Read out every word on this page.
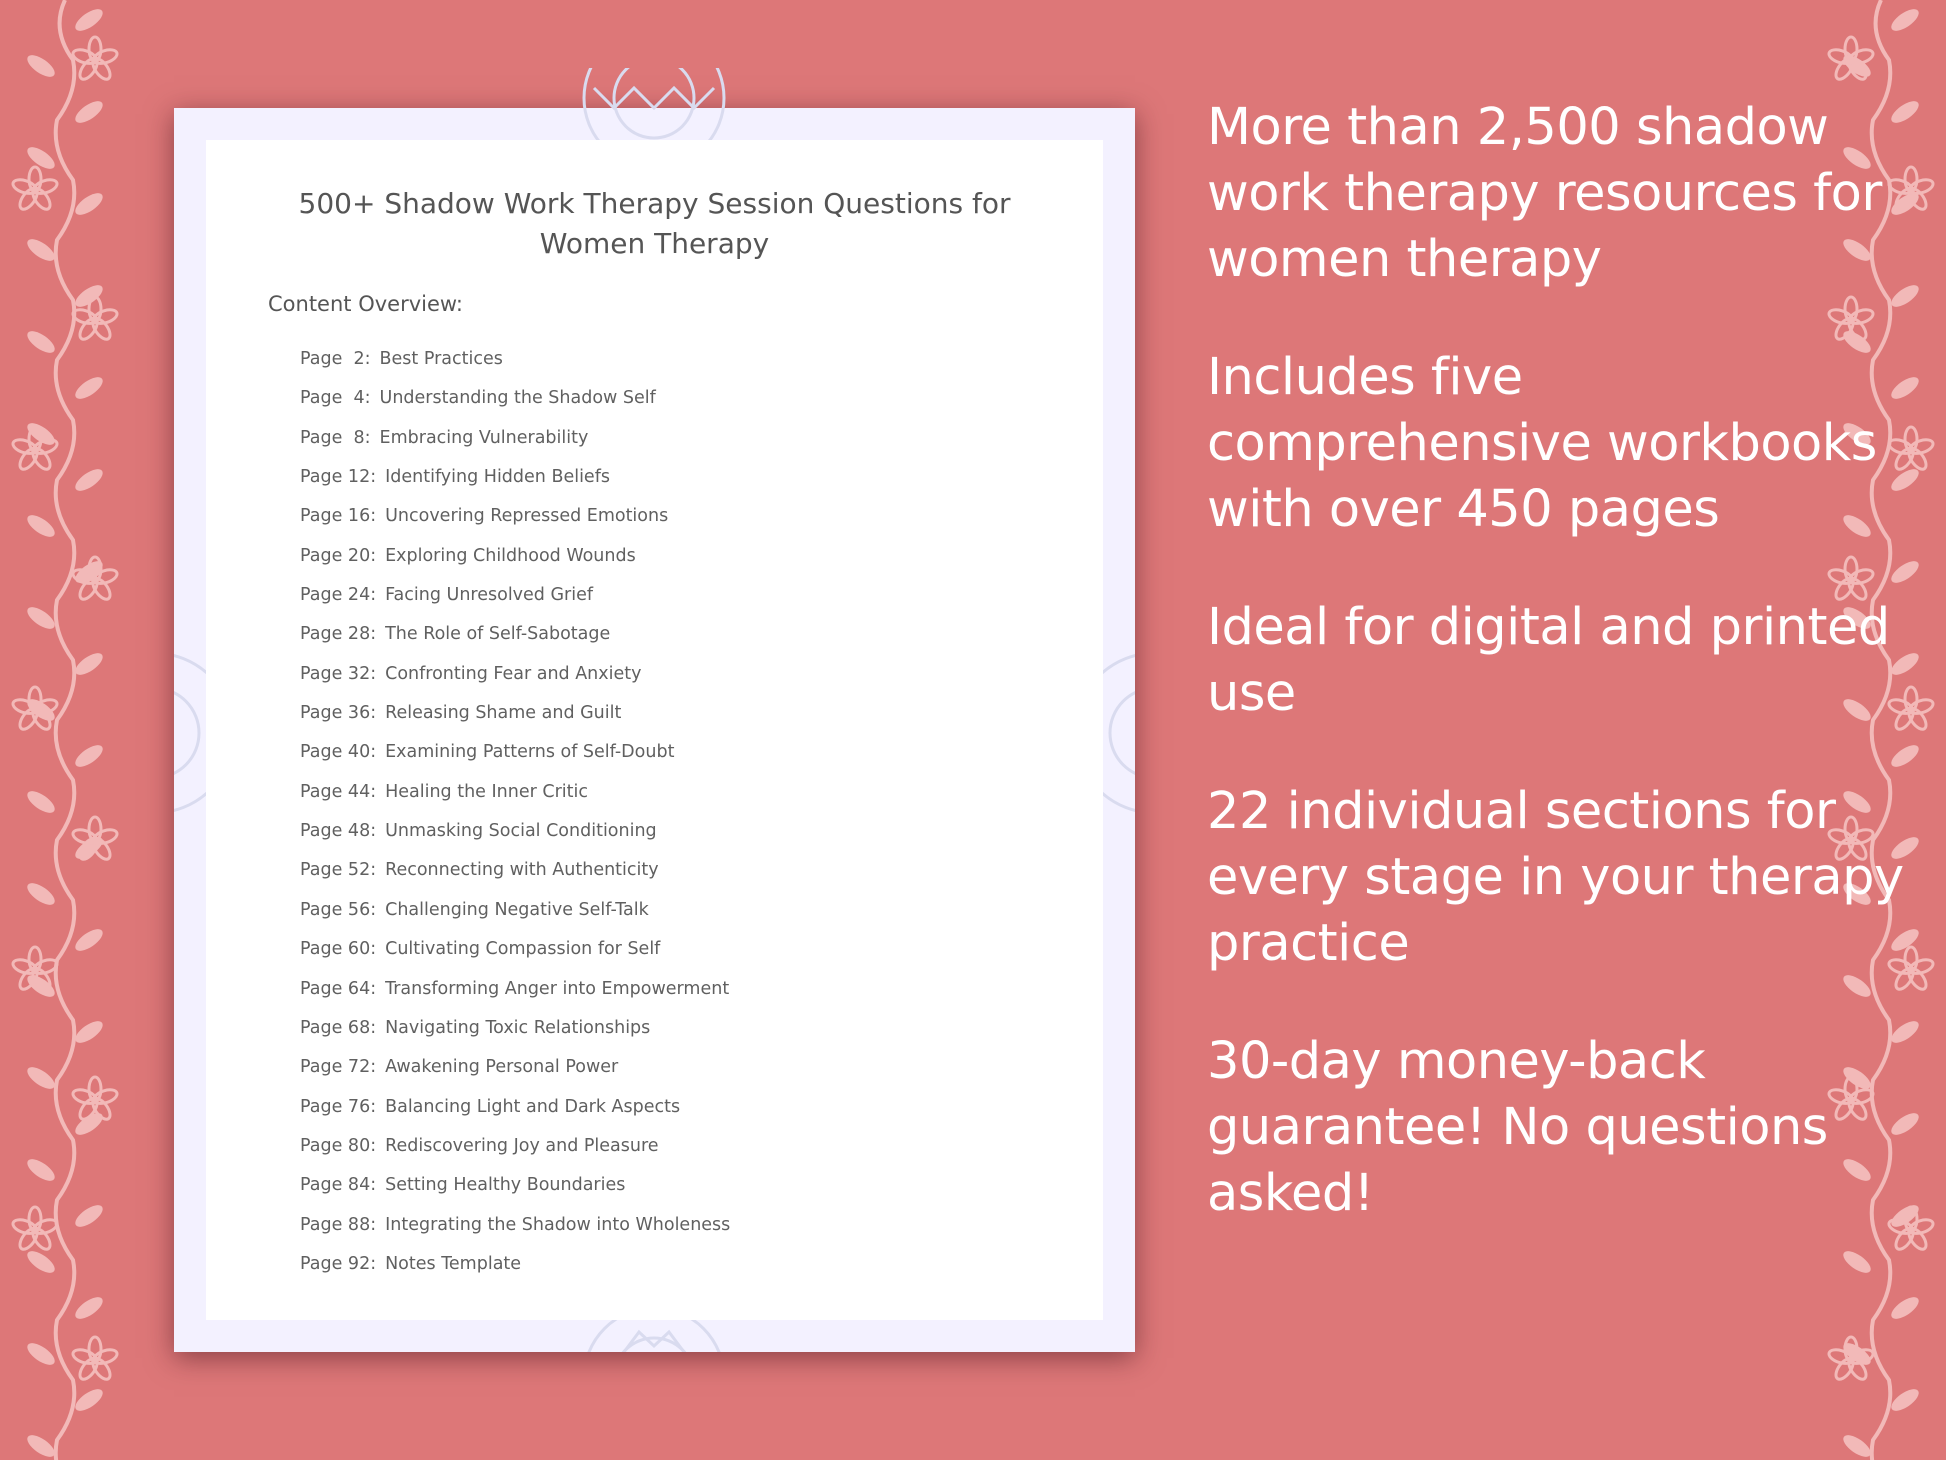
500+ Shadow Work Therapy Session Questions for
Women Therapy
Content Overview:
Page  2: Best Practices
Page  4: Understanding the Shadow Self
Page  8: Embracing Vulnerability
Page 12: Identifying Hidden Beliefs
Page 16: Uncovering Repressed Emotions
Page 20: Exploring Childhood Wounds
Page 24: Facing Unresolved Grief
Page 28: The Role of Self-Sabotage
Page 32: Confronting Fear and Anxiety
Page 36: Releasing Shame and Guilt
Page 40: Examining Patterns of Self-Doubt
Page 44: Healing the Inner Critic
Page 48: Unmasking Social Conditioning
Page 52: Reconnecting with Authenticity
Page 56: Challenging Negative Self-Talk
Page 60: Cultivating Compassion for Self
Page 64: Transforming Anger into Empowerment
Page 68: Navigating Toxic Relationships
Page 72: Awakening Personal Power
Page 76: Balancing Light and Dark Aspects
Page 80: Rediscovering Joy and Pleasure
Page 84: Setting Healthy Boundaries
Page 88: Integrating the Shadow into Wholeness
Page 92: Notes Template

More than 2,500 shadow work therapy resources for women therapy

Includes five comprehensive workbooks with over 450 pages

Ideal for digital and printed use

22 individual sections for every stage in your therapy practice

30-day money-back guarantee! No questions asked!
